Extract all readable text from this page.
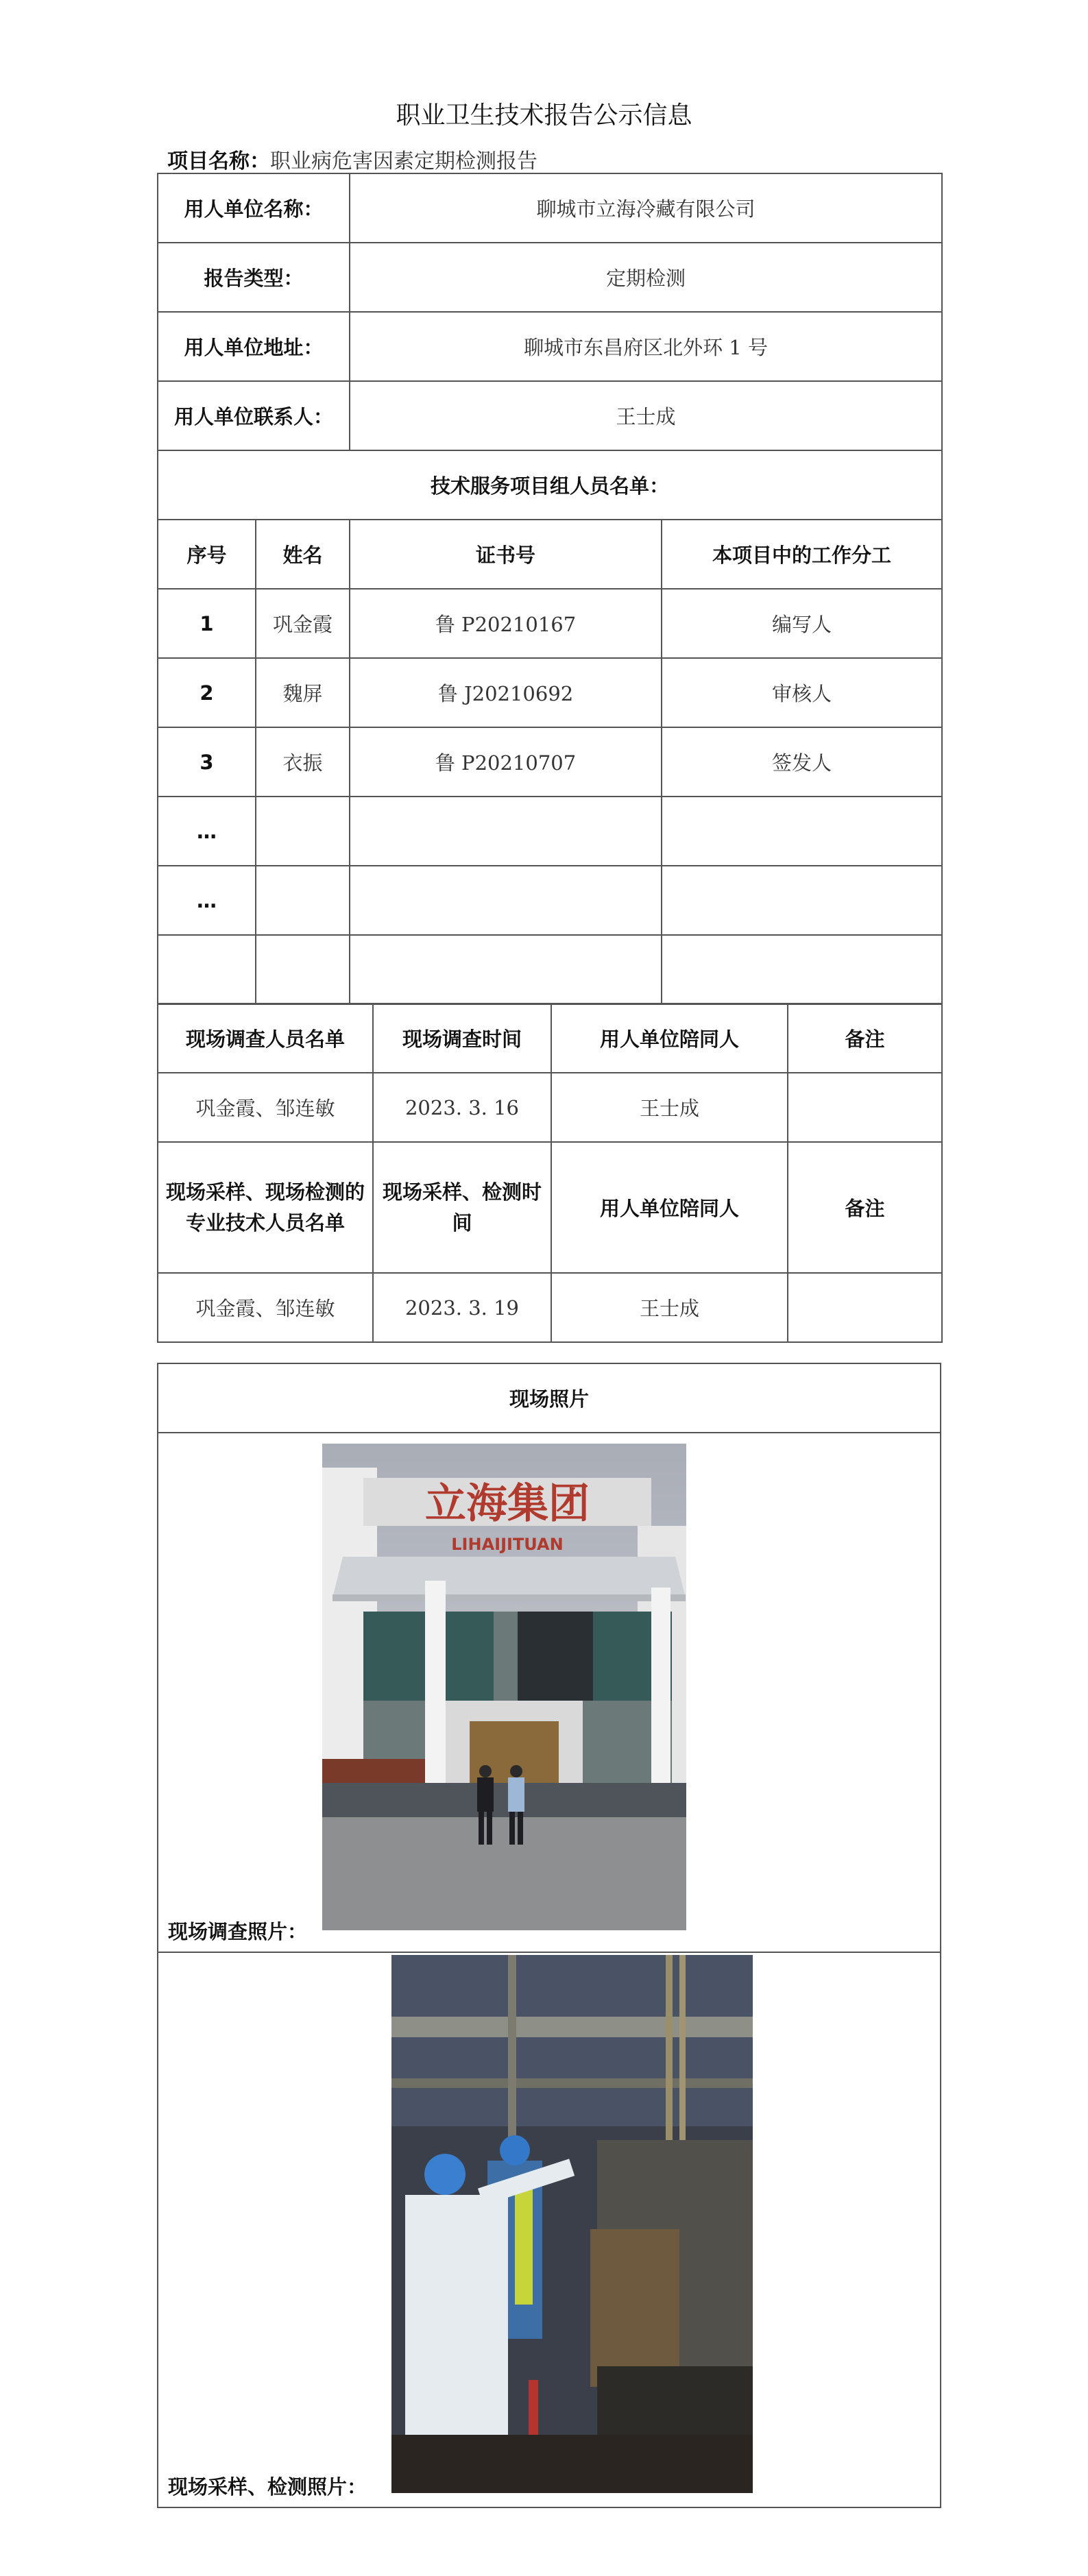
职业卫生技术报告公示信息
项目名称：职业病危害因素定期检测报告
用人单位名称：		聊城市立海冷藏有限公司	
报告类型：		定期检测	
用人单位地址：		聊城市东昌府区北外环 1 号	
用人单位联系人：		王士成	
技术服务项目组人员名单：			
序号	姓名	证书号	本项目中的工作分工
1	巩金霞	鲁 P20210167	编写人
2	魏屏	鲁 J20210692	审核人
3	衣振	鲁 P20210707	签发人
…			
…			

现场调查人员名单	现场调查时间	用人单位陪同人	备注
巩金霞、邹连敏	2023. 3. 16	王士成	
现场采样、现场检测的专业技术人员名单	现场采样、检测时间	用人单位陪同人	备注
巩金霞、邹连敏	2023. 3. 19	王士成	
现场照片

立海集团
LIHAIJITUAN
现场调查照片：

现场采样、检测照片：
